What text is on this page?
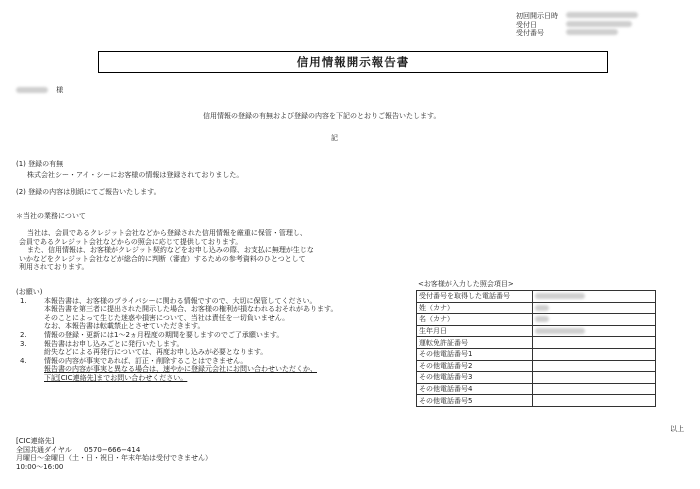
初回開示日時
受付日
受付番号
信用情報開示報告書
様
信用情報の登録の有無および登録の内容を下記のとおりご報告いたします。
記
(1) 登録の有無
株式会社シー・アイ・シーにお客様の情報は登録されておりました。
(2) 登録の内容は別紙にてご報告いたします。
＊当社の業務について
当社は、会員であるクレジット会社などから登録された信用情報を厳重に保管・管理し、
会員であるクレジット会社などからの照会に応じて提供しております。
また、信用情報は、お客様がクレジット契約などをお申し込みの際、お支払に無理が生じな
いかなどをクレジット会社などが総合的に判断（審査）するための参考資料のひとつとして
利用されております。
(お願い)
1.	本報告書は、お客様のプライバシーに関わる情報ですので、大切に保管してください。
本報告書を第三者に提出された開示した場合、お客様の権利が損なわれるおそれがあります。
そのことによって生じた迷惑や損害について、当社は責任を一切負いません。
なお、本報告書は転載禁止とさせていただきます。
2.	情報の登録・更新には1〜2ヵ月程度の期間を要しますのでご了承願います。
3.	報告書はお申し込みごとに発行いたします。
紛失などによる再発行については、再度お申し込みが必要となります。
4.	情報の内容が事実であれば、訂正・削除することはできません。
報告書の内容が事実と異なる場合は、速やかに登録元会社にお問い合わせいただくか、
下記[CIC連絡先]までお問い合わせください。
[CIC連絡先]
全国共通ダイヤル 0570−666−414
月曜日〜金曜日（土・日・祝日・年末年始は受付できません）
10:00〜16:00
<お客様が入力した照会項目>
受付番号を取得した電話番号	
姓（カナ）	
名（カナ）	
生年月日	
運転免許証番号	
その他電話番号1	
その他電話番号2	
その他電話番号3	
その他電話番号4	
その他電話番号5	
以上
